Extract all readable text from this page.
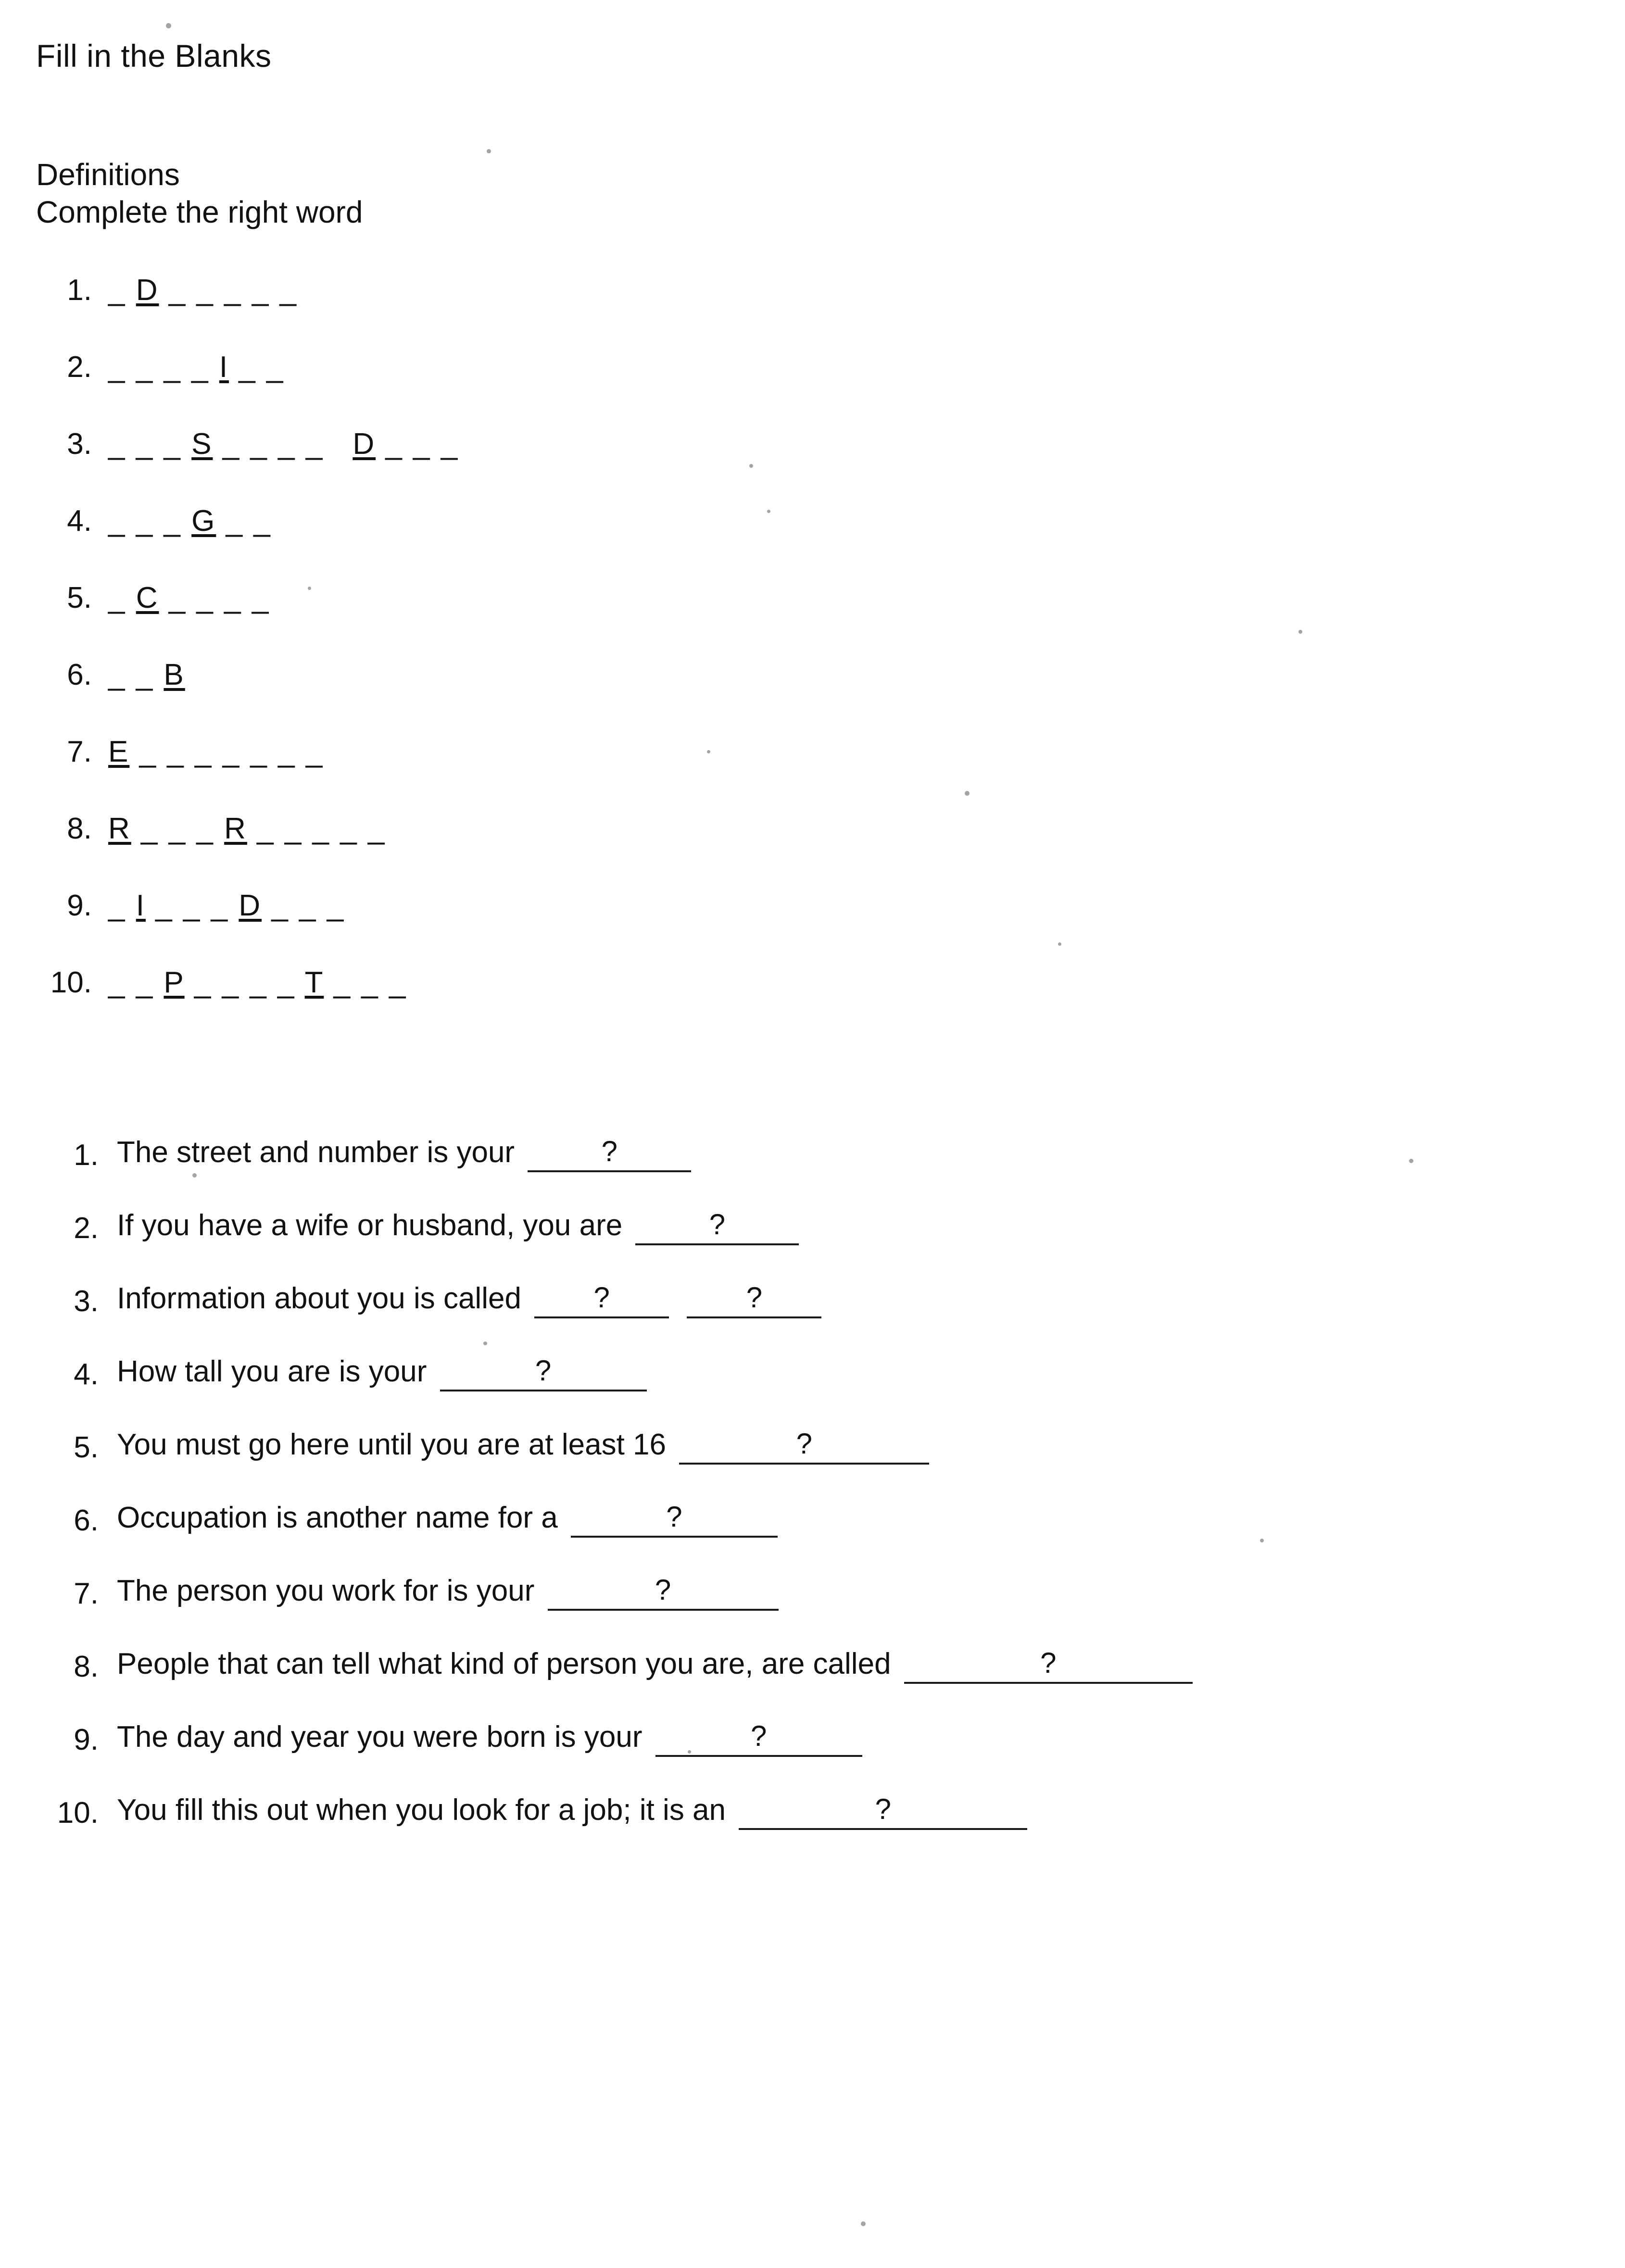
Fill in the Blanks
Definitions
Complete the right word
1. _ D _ _ _ _ _
2. _ _ _ _ I _ _
3. _ _ _ S _ _ _ _ D _ _ _
4. _ _ _ G _ _
5. _ C _ _ _ _
6. _ _ B
7. E _ _ _ _ _ _ _
8. R _ _ _ R _ _ _ _ _
9. _ I _ _ _ D _ _ _
10. _ _ P _ _ _ _ T _ _ _
1. The street and number is your	?
2. If you have a wife or husband, you are	?
3. Information about you is called	?	?
4. How tall you are is your	?
5. You must go here until you are at least 16	?
6. Occupation is another name for a	?
7. The person you work for is your	?
8. People that can tell what kind of person you are, are called	?
9. The day and year you were born is your	?
10. You fill this out when you look for a job; it is an	?
